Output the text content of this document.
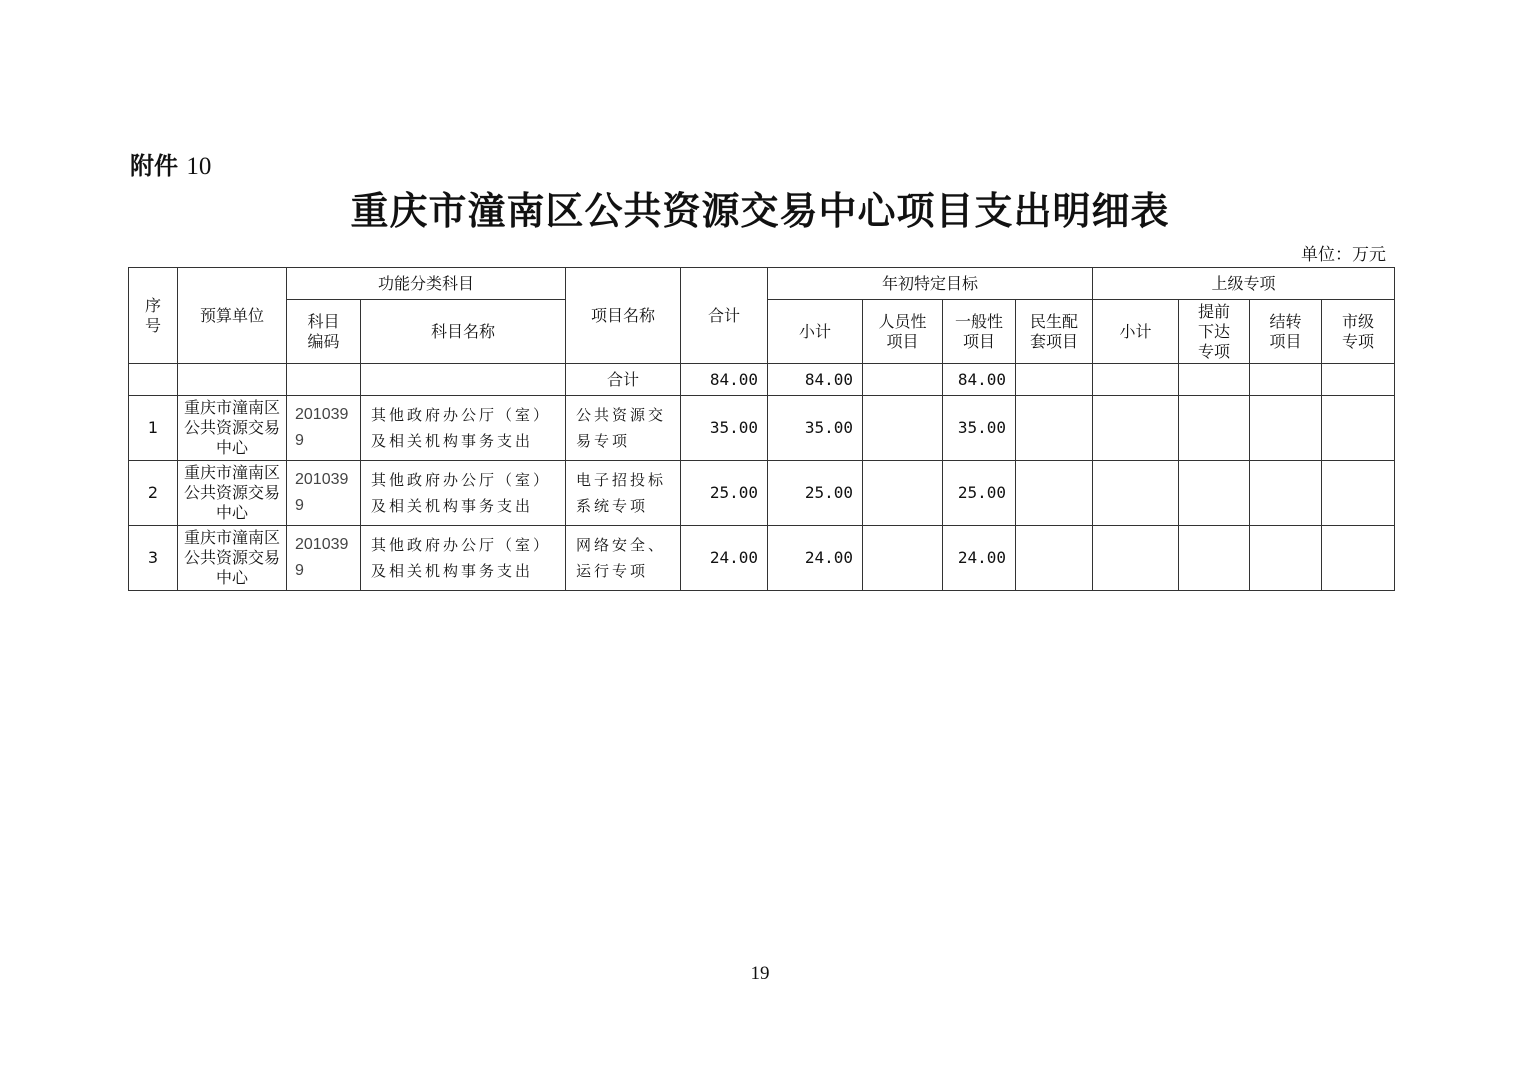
附件 10
重庆市潼南区公共资源交易中心项目支出明细表
单位：万元
序号	预算单位	功能分类科目		项目名称	合计	年初特定目标				上级专项			
		科目编码	科目名称			小计	人员性项目	一般性项目	民生配套项目	小计	提前下达专项	结转项目	市级专项
				合计	84.00	84.00		84.00					
1	重庆市潼南区公共资源交易中心	2010399	其他政府办公厅（室）及相关机构事务支出	公共资源交易专项	35.00	35.00		35.00					
2	重庆市潼南区公共资源交易中心	2010399	其他政府办公厅（室）及相关机构事务支出	电子招投标系统专项	25.00	25.00		25.00					
3	重庆市潼南区公共资源交易中心	2010399	其他政府办公厅（室）及相关机构事务支出	网络安全、运行专项	24.00	24.00		24.00					
19
